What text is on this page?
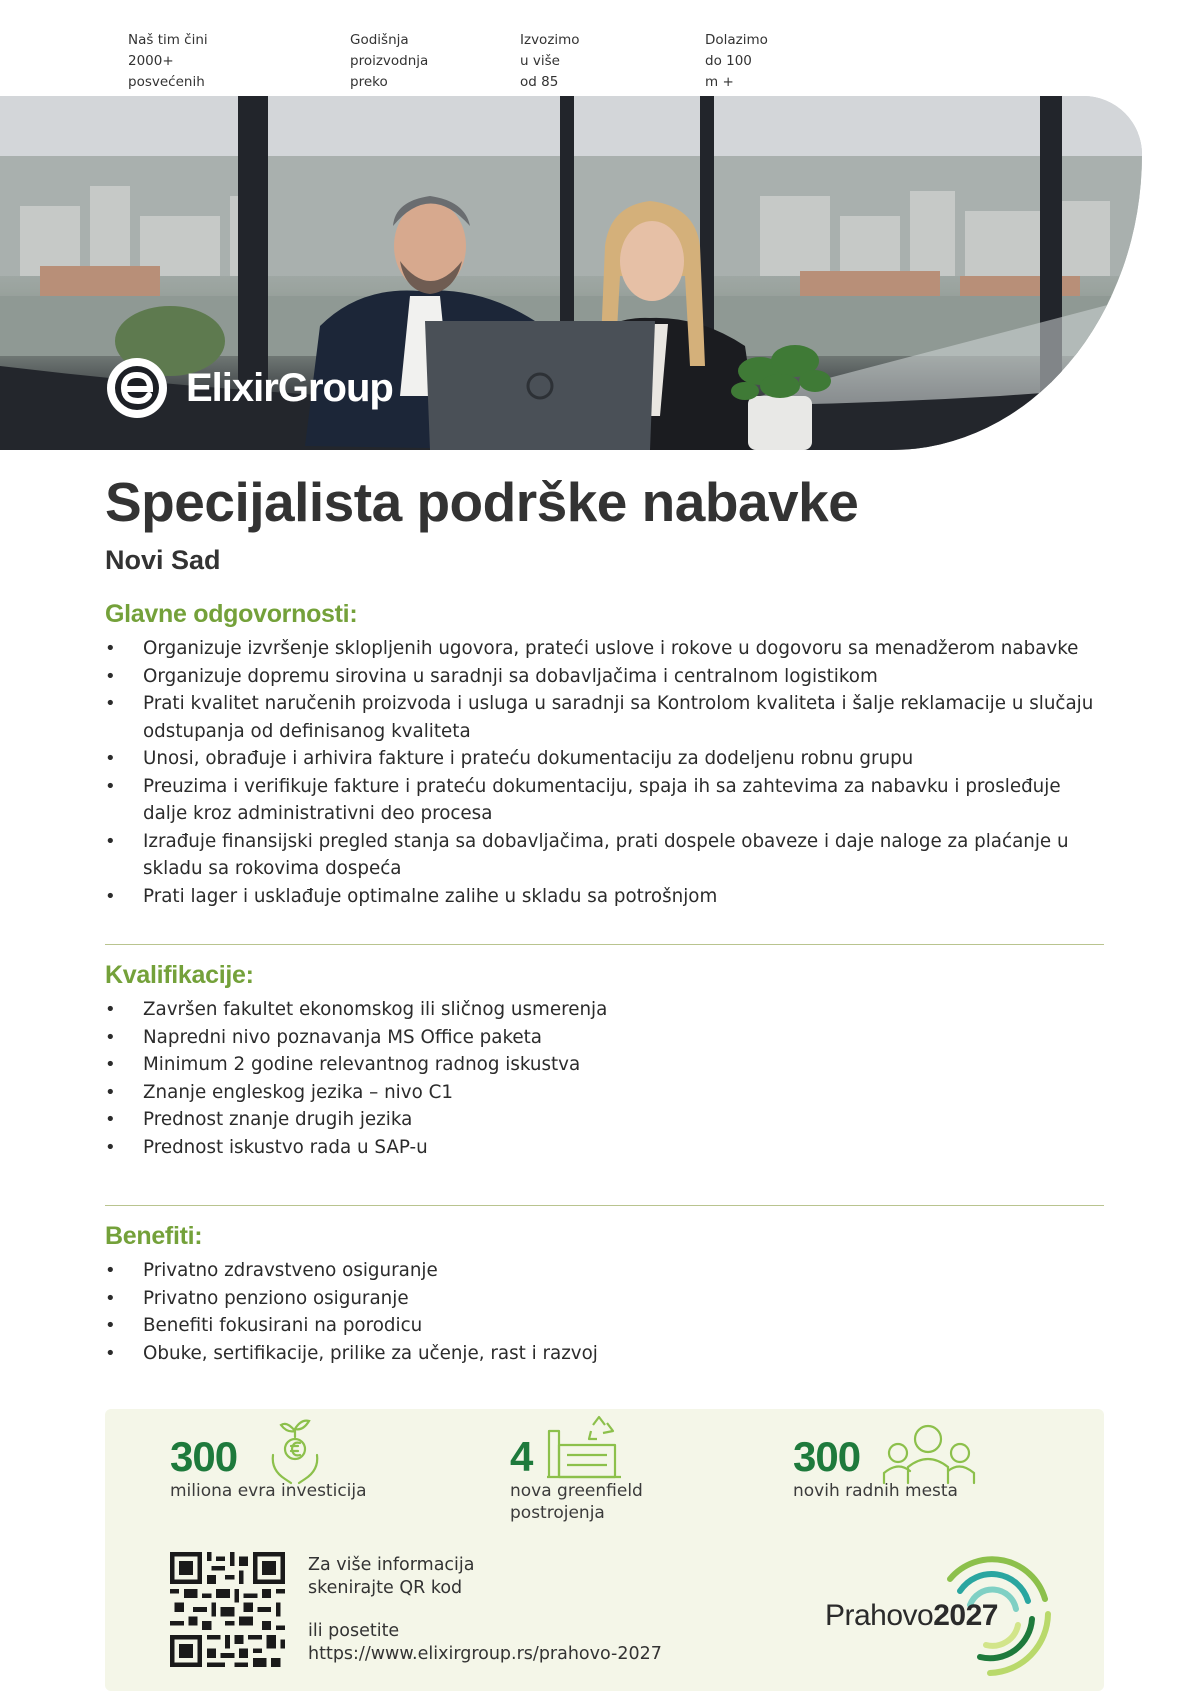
Naš tim čini 2000+
posvećenih
Godišnja proizvodnja
preko
Izvozimo u više od 85
Dolazimo do 100 m +
ElixirGroup
Specijalista podrške nabavke
Novi Sad
Glavne odgovornosti:
• Organizuje izvršenje sklopljenih ugovora, prateći uslove i rokove u dogovoru sa menadžerom nabavke
• Organizuje dopremu sirovina u saradnji sa dobavljačima i centralnom logistikom
• Prati kvalitet naručenih proizvoda i usluga u saradnji sa Kontrolom kvaliteta i šalje reklamacije u slučaju odstupanja od definisanog kvaliteta
• Unosi, obrađuje i arhivira fakture i prateću dokumentaciju za dodeljenu robnu grupu
• Preuzima i verifikuje fakture i prateću dokumentaciju, spaja ih sa zahtevima za nabavku i prosleđuje dalje kroz administrativni deo procesa
• Izrađuje finansijski pregled stanja sa dobavljačima, prati dospele obaveze i daje naloge za plaćanje u skladu sa rokovima dospeća
• Prati lager i usklađuje optimalne zalihe u skladu sa potrošnjom
Kvalifikacije:
• Završen fakultet ekonomskog ili sličnog usmerenja
• Napredni nivo poznavanja MS Office paketa
• Minimum 2 godine relevantnog radnog iskustva
• Znanje engleskog jezika – nivo C1
• Prednost znanje drugih jezika
• Prednost iskustvo rada u SAP-u
Benefiti:
• Privatno zdravstveno osiguranje
• Privatno penziono osiguranje
• Benefiti fokusirani na porodicu
• Obuke, sertifikacije, prilike za učenje, rast i razvoj
300
miliona evra investicija
4
nova greenfield
postrojenja
300
novih radnih mesta
Za više informacija
skenirajte QR kod
ili posetite
https://www.elixirgroup.rs/prahovo-2027
Prahovo2027
